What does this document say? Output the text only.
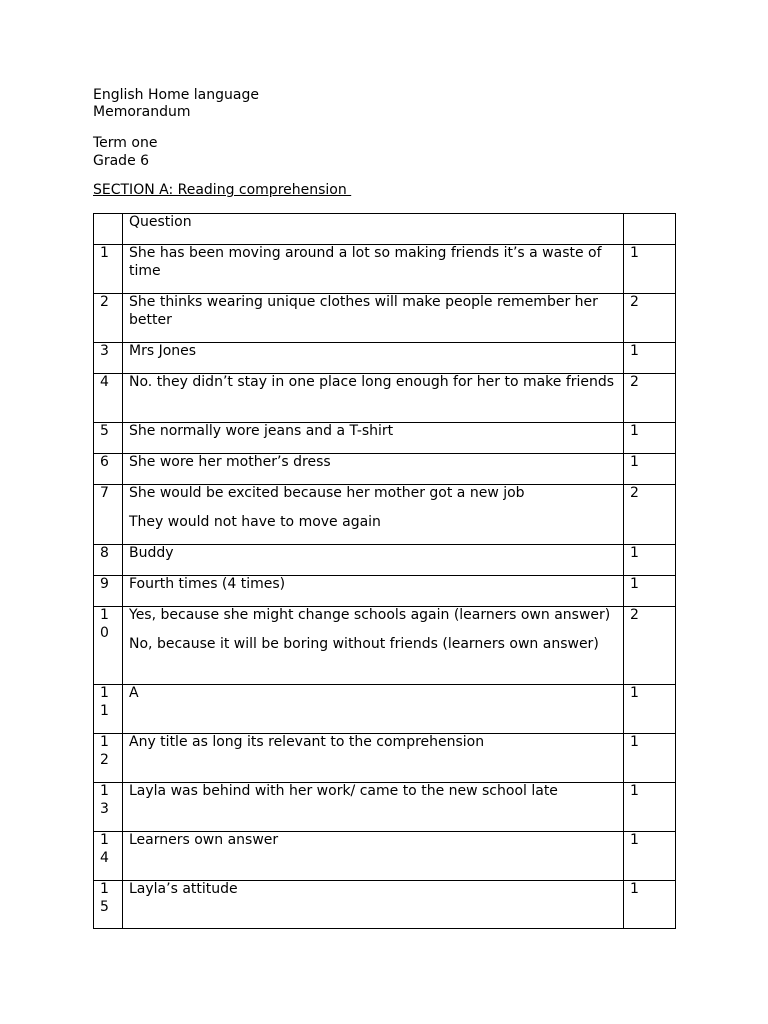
English Home language
Memorandum
Term one
Grade 6
SECTION A: Reading comprehension

	Question	

1	She has been moving around a lot so making friends it’s a waste of time	1
2	She thinks wearing unique clothes will make people remember her better	2
3	Mrs Jones	1
4	No. they didn’t stay in one place long enough for her to make friends	2
5	She normally wore jeans and a T-shirt	1
6	She wore her mother’s dress	1
7	She would be excited because her mother got a new job

They would not have to move again	2
8	Buddy	1
9	Fourth times (4 times)	1
10	Yes, because she might change schools again (learners own answer)

No, because it will be boring without friends (learners own answer)	2
11	A	1
12	Any title as long its relevant to the comprehension	1
13	Layla was behind with her work/ came to the new school late	1
14	Learners own answer	1
15	Layla’s attitude	1
